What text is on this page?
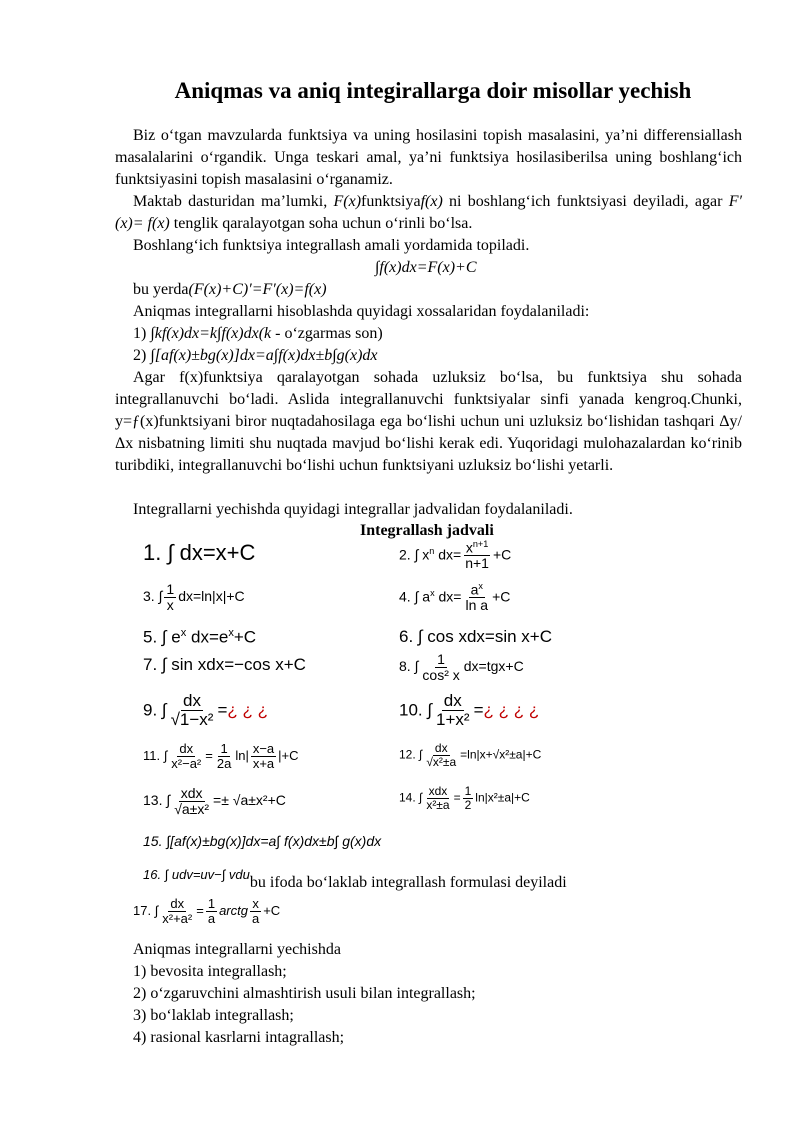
Aniqmas va aniq integirallarga doir misollar yechish

Biz o‘tgan mavzularda funktsiya va uning hosilasini topish masalasini, ya’ni differensiallash masalalarini o‘rgandik. Unga teskari amal, ya’ni funktsiya hosilasiberilsa uning boshlang‘ich funktsiyasini topish masalasini o‘rganamiz.

Maktab dasturidan ma’lumki, F(x)funktsiyaf(x) ni boshlang‘ich funktsiyasi deyiladi, agar F′(x)= f(x) tenglik qaralayotgan soha uchun o‘rinli bo‘lsa.

Boshlang‘ich funktsiya integrallash amali yordamida topiladi.

∫f(x)dx=F(x)+C
bu yerda(F(x)+C)′=F′(x)=f(x)
Aniqmas integrallarni hisoblashda quyidagi xossalaridan foydalaniladi:
1) ∫kf(x)dx=k∫f(x)dx(k - o‘zgarmas son)
2) ∫[af(x)±bg(x)]dx=a∫f(x)dx±b∫g(x)dx

Agar f(x)funktsiya qaralayotgan sohada uzluksiz bo‘lsa, bu funktsiya shu sohada integrallanuvchi bo‘ladi. Aslida integrallanuvchi funktsiyalar sinfi yanada kengroq.Chunki, y=ƒ(x)funktsiyani biror nuqtadahosilaga ega bo‘lishi uchun uni uzluksiz bo‘lishidan tashqari Δy/Δx nisbatning limiti shu nuqtada mavjud bo‘lishi kerak edi. Yuqoridagi mulohazalardan ko‘rinib turibdiki, integrallanuvchi bo‘lishi uchun funktsiyani uzluksiz bo‘lishi yetarli.

Integrallarni yechishda quyidagi integrallar jadvalidan foydalaniladi.

Integrallash jadvali
1. ∫ dx=x+C	2. ∫ $x^n$ $dx= \frac{x^{n+1}}{n+1} +C$
3. ∫ $\frac{1}{x} dx=\ln|x|+C$	4. ∫ $a^x$ $dx= \frac{a^x}{\text{ln a}} +C$
5. ∫ $e^x$ $dx=e^x+C$	6. ∫ cos xdx=sin x+C
7. ∫ sin xdx=−cos x+C	8. ∫ $\frac{1}{\text{cos² x}} dx=tgx+C$
9. ∫ $\frac{dx}{\text{√1−x²}}$ =¿ ¿ ¿	10. ∫ $\frac{dx}{\text{1+x²}}$ =¿ ¿ ¿ ¿
11. ∫ $\frac{dx}{\text{x²−a²}} = \frac{1}{2a} \ln| \frac{x-a}{x+a} |+C$	12. ∫ $\frac{dx}{\text{√x²±a}} =\ln|x+√x^2\pm a|+C$
13. ∫ $\frac{\text{xdx}}{\text{√a±x²}} =\pm √a\pm x^2+C$	14. ∫ $\frac{\text{xdx}}{\text{x²±a}} = \frac{1}{2} \ln|x^2\pm a|+C$
15. ∫[af(x)±bg(x)]dx=a∫ f(x)dx±b∫ g(x)dx
16. ∫ udv=uv−∫ vdubu ifoda bo‘laklab integrallash formulasi deyiladi
17. ∫ $\frac{dx}{\text{x²+a²}} = \frac{1}{a}$ arctg $\frac{x}{a} +C$
Aniqmas integrallarni yechishda
1) bevosita integrallash;
2) o‘zgaruvchini almashtirish usuli bilan integrallash;
3) bo‘laklab integrallash;
4) rasional kasrlarni intagrallash;
